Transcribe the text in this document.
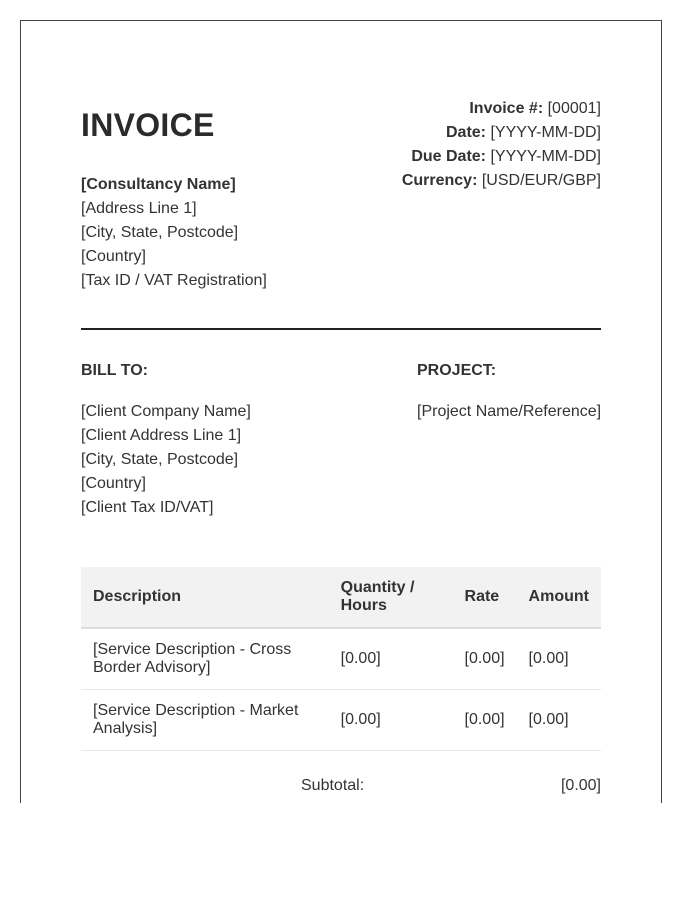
INVOICE	Invoice #: [00001]
Date: [YYYY-MM-DD]
Due Date: [YYYY-MM-DD]
Currency: [USD/EUR/GBP]
[Consultancy Name]
[Address Line 1]
[City, State, Postcode]
[Country]
[Tax ID / VAT Registration]
BILL TO:	PROJECT:
[Client Company Name]
[Client Address Line 1]
[City, State, Postcode]
[Country]
[Client Tax ID/VAT]
[Project Name/Reference]
Description	Quantity / Hours	Rate	Amount
[Service Description - Cross Border Advisory]	[0.00]	[0.00]	[0.00]
[Service Description - Market Analysis]	[0.00]	[0.00]	[0.00]
Subtotal:	[0.00]
